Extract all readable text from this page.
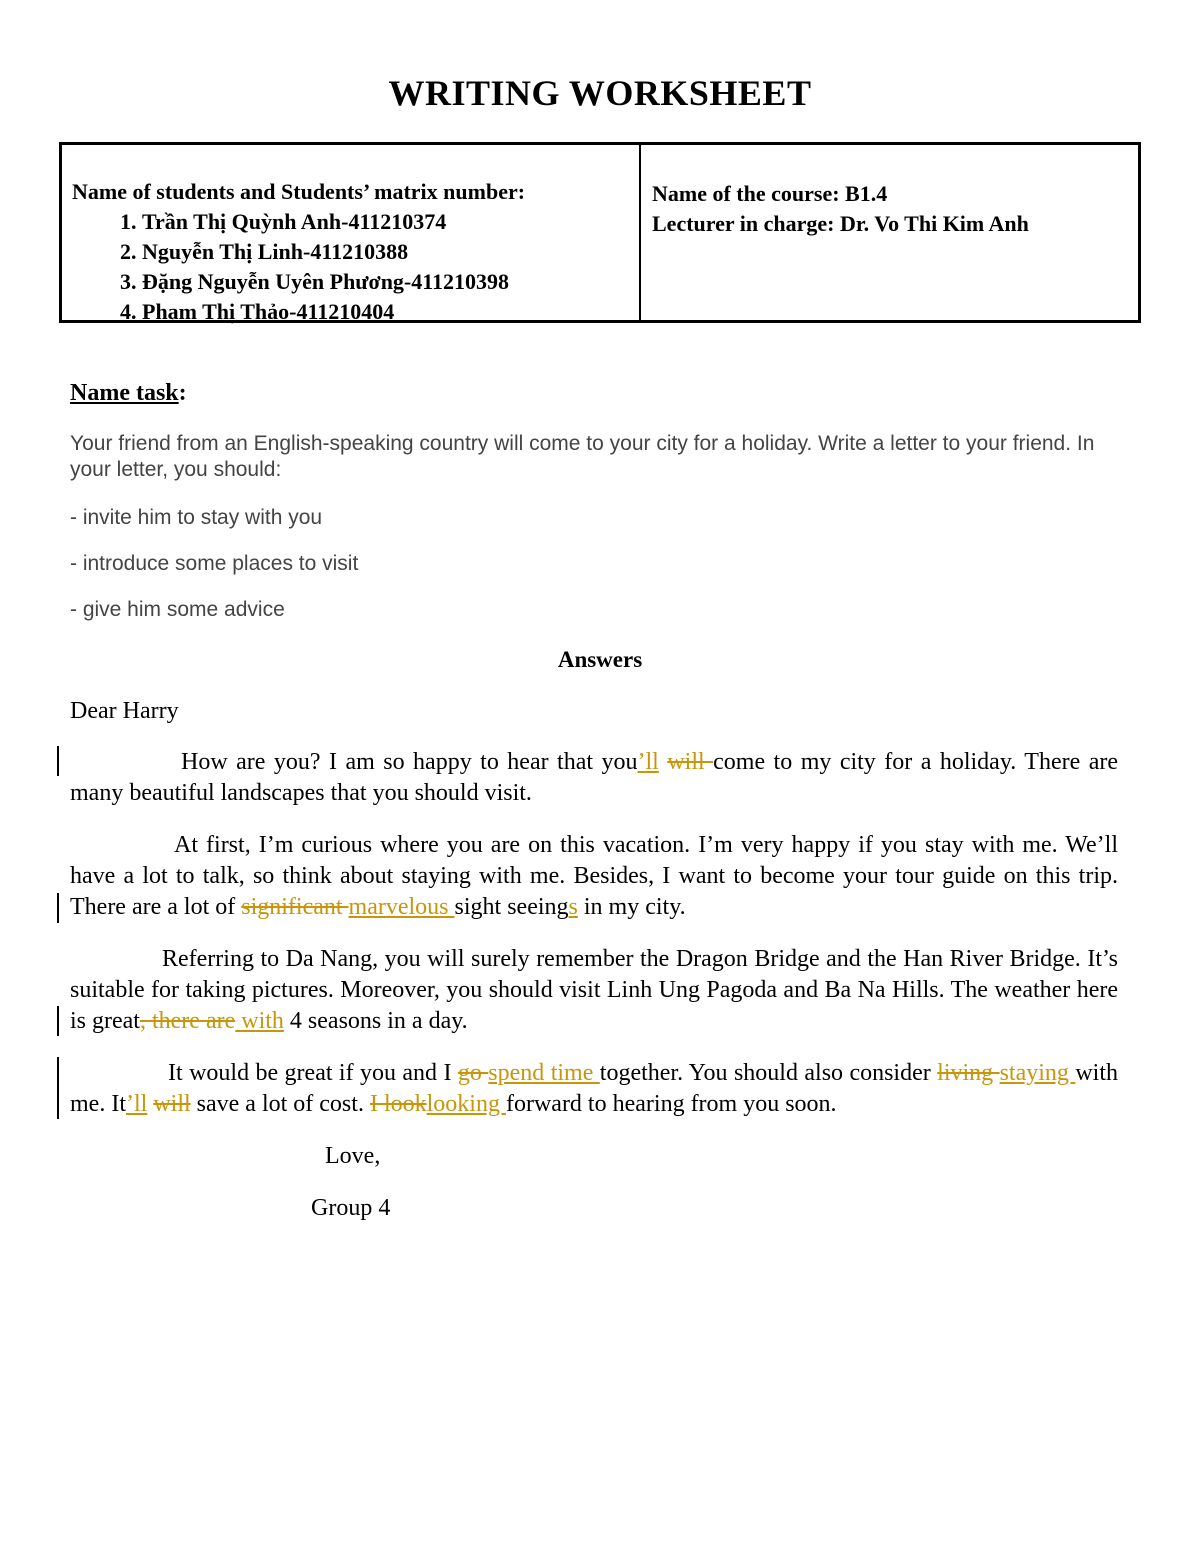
WRITING WORKSHEET
Name of students and Students’ matrix number:
1. Trần Thị Quỳnh Anh-411210374
2. Nguyễn Thị Linh-411210388
3. Đặng Nguyễn Uyên Phương-411210398
4. Phạm Thị Thảo-411210404
Name of the course: B1.4
Lecturer in charge: Dr. Vo Thi Kim Anh
Name task:
Your friend from an English-speaking country will come to your city for a holiday. Write a letter to your friend. In your letter, you should:
- invite him to stay with you
- introduce some places to visit
- give him some advice
Answers
Dear Harry
How are you? I am so happy to hear that you’ll will come to my city for a holiday. There are many beautiful landscapes that you should visit.
At first, I’m curious where you are on this vacation. I’m very happy if you stay with me. We’ll have a lot to talk, so think about staying with me. Besides, I want to become your tour guide on this trip. There are a lot of significant marvelous sight seeings in my city.
Referring to Da Nang, you will surely remember the Dragon Bridge and the Han River Bridge. It’s suitable for taking pictures. Moreover, you should visit Linh Ung Pagoda and Ba Na Hills. The weather here is great, there are with 4 seasons in a day.
It would be great if you and I go spend time together. You should also consider living staying with me. It’ll will save a lot of cost. I looklooking forward to hearing from you soon.
Love,
Group 4
